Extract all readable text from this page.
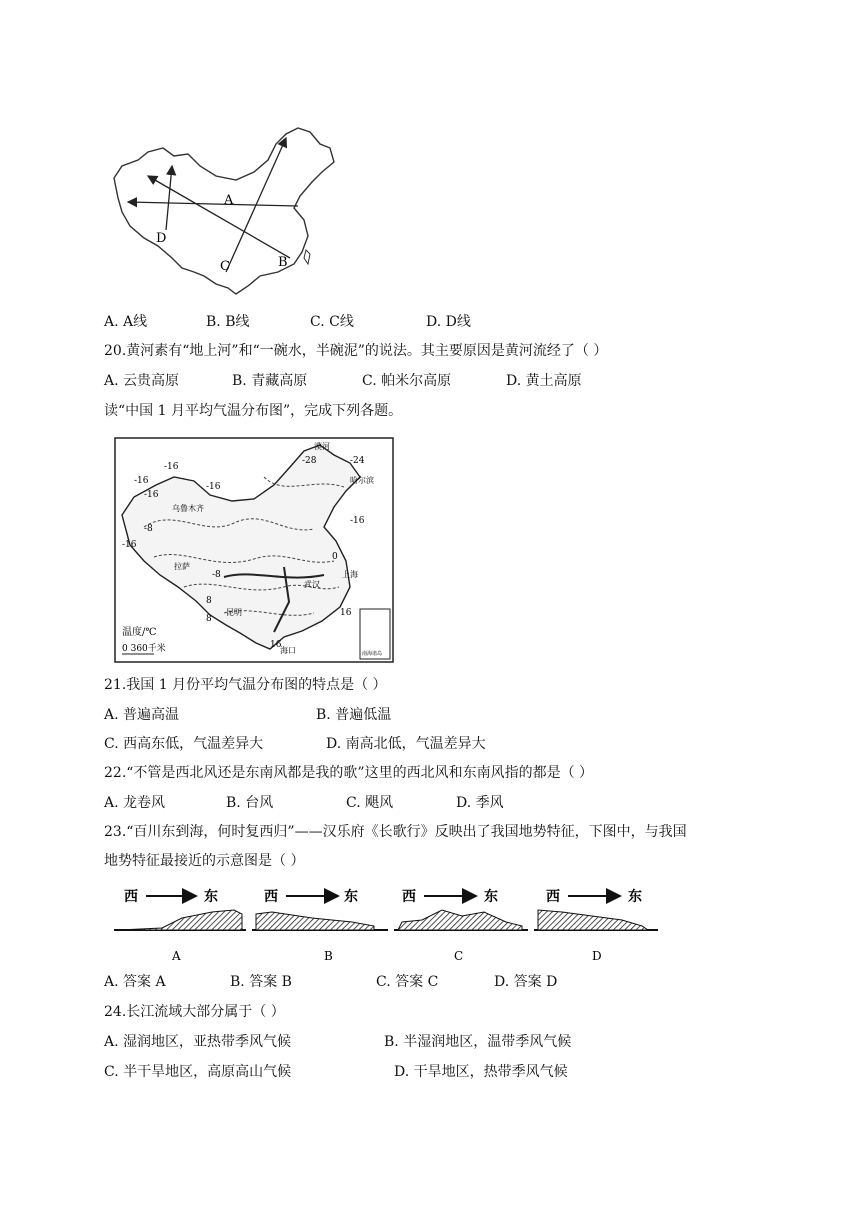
A
B
C
D
A. A线	B. B线	C. C线	D. D线
20.黄河素有“地上河”和“一碗水，半碗泥”的说法。其主要原因是黄河流经了（ ）
A. 云贵高原	B. 青藏高原	C. 帕米尔高原	D. 黄土高原
读“中国 1 月平均气温分布图”，完成下列各题。
-16
-16
-16
-16
-24
-28
-8
-16
-8
-16
0
8
8
16
16
漠河
哈尔滨
乌鲁木齐
上海
海口
昆明
武汉
拉萨
南海诸岛
温度/℃
0 360千米
21.我国 1 月份平均气温分布图的特点是（ ）
A. 普遍高温	B. 普遍低温
C. 西高东低，气温差异大	D. 南高北低，气温差异大
22.“不管是西北风还是东南风都是我的歌”这里的西北风和东南风指的都是（ ）
A. 龙卷风	B. 台风	C. 飓风	D. 季风
23.“百川东到海，何时复西归”——汉乐府《长歌行》反映出了我国地势特征，下图中，与我国
地势特征最接近的示意图是（ ）
西	东
A
西	东
B
西	东
C
西	东
D
A. 答案 A	B. 答案 B	C. 答案 C	D. 答案 D
24.长江流域大部分属于（ ）
A. 湿润地区，亚热带季风气候	B. 半湿润地区，温带季风气候
C. 半干旱地区，高原高山气候	D. 干旱地区，热带季风气候
